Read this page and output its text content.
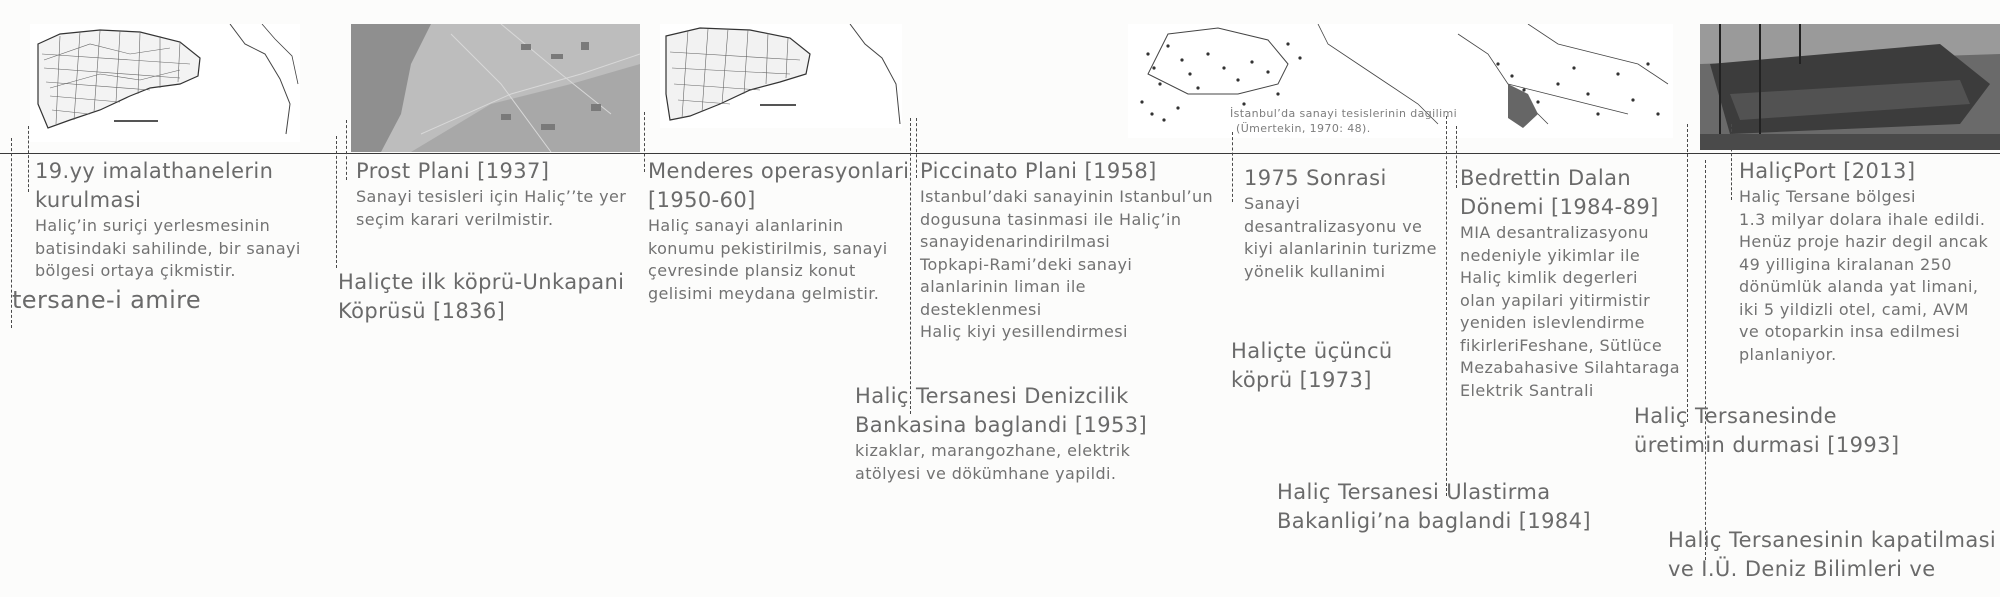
İstanbul’da sanayi tesislerinin dagilimi
(Ümertekin, 1970: 48).
19.yy imalathanelerin
kurulmasi
Haliç’in suriçi yerlesmesinin
batisindaki sahilinde, bir sanayi
bölgesi ortaya çikmistir.
tersane-i amire
Prost Plani [1937]
Sanayi tesisleri için Haliç’’te yer
seçim karari verilmistir.
Haliçte ilk köprü-Unkapani
Köprüsü [1836]
Menderes operasyonlari
[1950-60]
Haliç sanayi alanlarinin
konumu pekistirilmis, sanayi
çevresinde plansiz konut
gelisimi meydana gelmistir.
Piccinato Plani [1958]
Istanbul’daki sanayinin Istanbul’un
dogusuna tasinmasi ile Haliç’in
sanayidenarindirilmasi
Topkapi-Rami’deki sanayi
alanlarinin liman ile
desteklenmesi
Haliç kiyi yesillendirmesi
Haliç Tersanesi Denizcilik
Bankasina baglandi [1953]
kizaklar, marangozhane, elektrik
atölyesi ve dökümhane yapildi.
1975 Sonrasi
Sanayi
desantralizasyonu ve
kiyi alanlarinin turizme
yönelik kullanimi
Haliçte üçüncü
köprü [1973]
Haliç Tersanesi Ulastirma
Bakanligi’na baglandi [1984]
Bedrettin Dalan
Dönemi [1984-89]
MIA desantralizasyonu
nedeniyle yikimlar ile
Haliç kimlik degerleri
olan yapilari yitirmistir
yeniden islevlendirme
fikirleriFeshane, Sütlüce
Mezabahasive Silahtaraga
Elektrik Santrali
Haliç Tersanesinde
üretimin durmasi [1993]
HaliçPort [2013]
Haliç Tersane bölgesi
1.3 milyar dolara ihale edildi.
Henüz proje hazir degil ancak
49 yilligina kiralanan 250
dönümlük alanda yat limani,
iki 5 yildizli otel, cami, AVM
ve otoparkin insa edilmesi
planlaniyor.
Haliç Tersanesinin kapatilmasi
ve I.Ü. Deniz Bilimleri ve
